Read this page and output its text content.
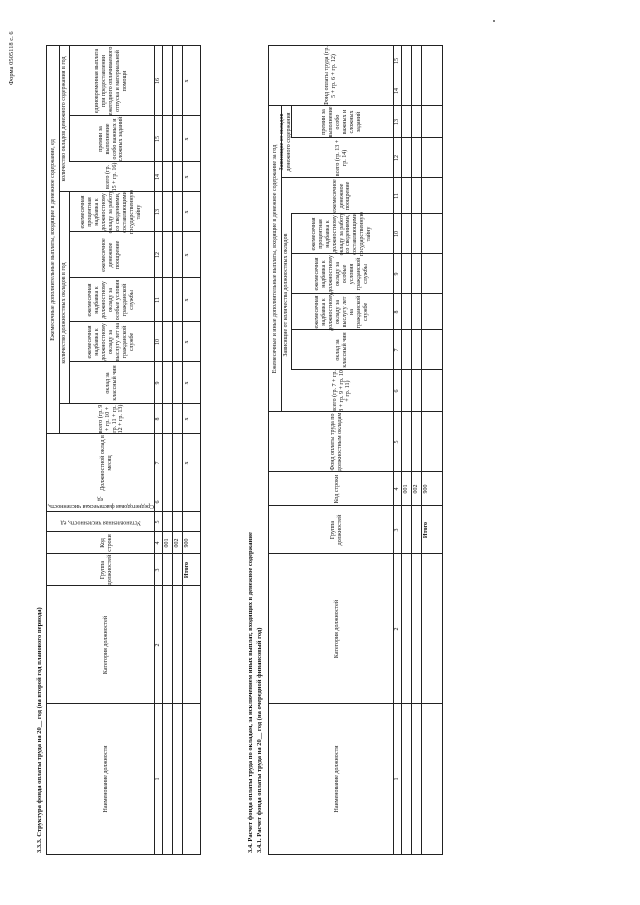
Форма 0505118 с. 6
3.3.3. Структура фонда оплаты труда на 20__ год (на второй год планового периода)	Наименование должности
Категория должностей
Группа должностей
Код строки
Установленная численность, ед
Среднегодовая фактическая численность, ед
Должностной оклад в месяц
Ежемесячные дополнительные выплаты, входящие в денежное содержание, ед количество должностных окладов в год
количество окладов денежного содержания в год
всего (гр. 9 + гр. 10 + гр. 11 + гр. 12 + гр. 13)
оклад за классный чин
ежемесячная надбавка к должностному окладу за выслугу лет на гражданской службе
ежемесячная надбавка к должностному окладу за особые условия гражданской службы
ежемесячное денежное поощрение
ежемесячная процентная надбавка к должностному окладу за работу со сведениями, составляющими государственную тайну
всего (гр. 15 + гр. 16)
премии за выполнение особо важных и сложных заданий
единовременная выплата при предоставлении ежегодного оплачиваемого отпуска и материальной помощи
1
2
3
4
5
6
7
8
9
10
11
12
13
14
15
16
001 002 900
Итого
x
x
x
x
x
x
x
x
x
x
3.4. Расчет фонда оплаты труда по окладам, за исключением иных выплат, входящих в денежное содержание 3.4.1. Расчет фонда оплаты труда на 20__ год (на очередной финансовый год)	Наименование должности
Категория должностей
Группа должностей
Код строки
Фонд оплаты труда по должностным окладам
Ежемесячные и иные дополнительные выплаты, входящие в денежное содержание за год Зависящие от количества должностных окладов
Зависящие от окладов денежного содержания
всего (гр. 7 + гр. 8 + гр. 9 + гр. 10 + гр. 11)
оклад за классный чин
ежемесячная надбавка к должностному окладу за выслугу лет на гражданской службе
ежемесячная надбавка к должностному окладу за особые условия гражданской службы
ежемесячная процентная надбавка к должностному окладу за работу со сведениями, составляющими государственную тайну
ежемесячное денежное поощрение
всего (гр. 13 + гр. 14)
премии за выполнение особо важных и сложных заданий
Фонд оплаты труда (гр. 5 + гр. 6 + гр. 12)
1
2
3
4
5
6
7
8
9
10
11
12
13
14
15
001 002 900
Итого
